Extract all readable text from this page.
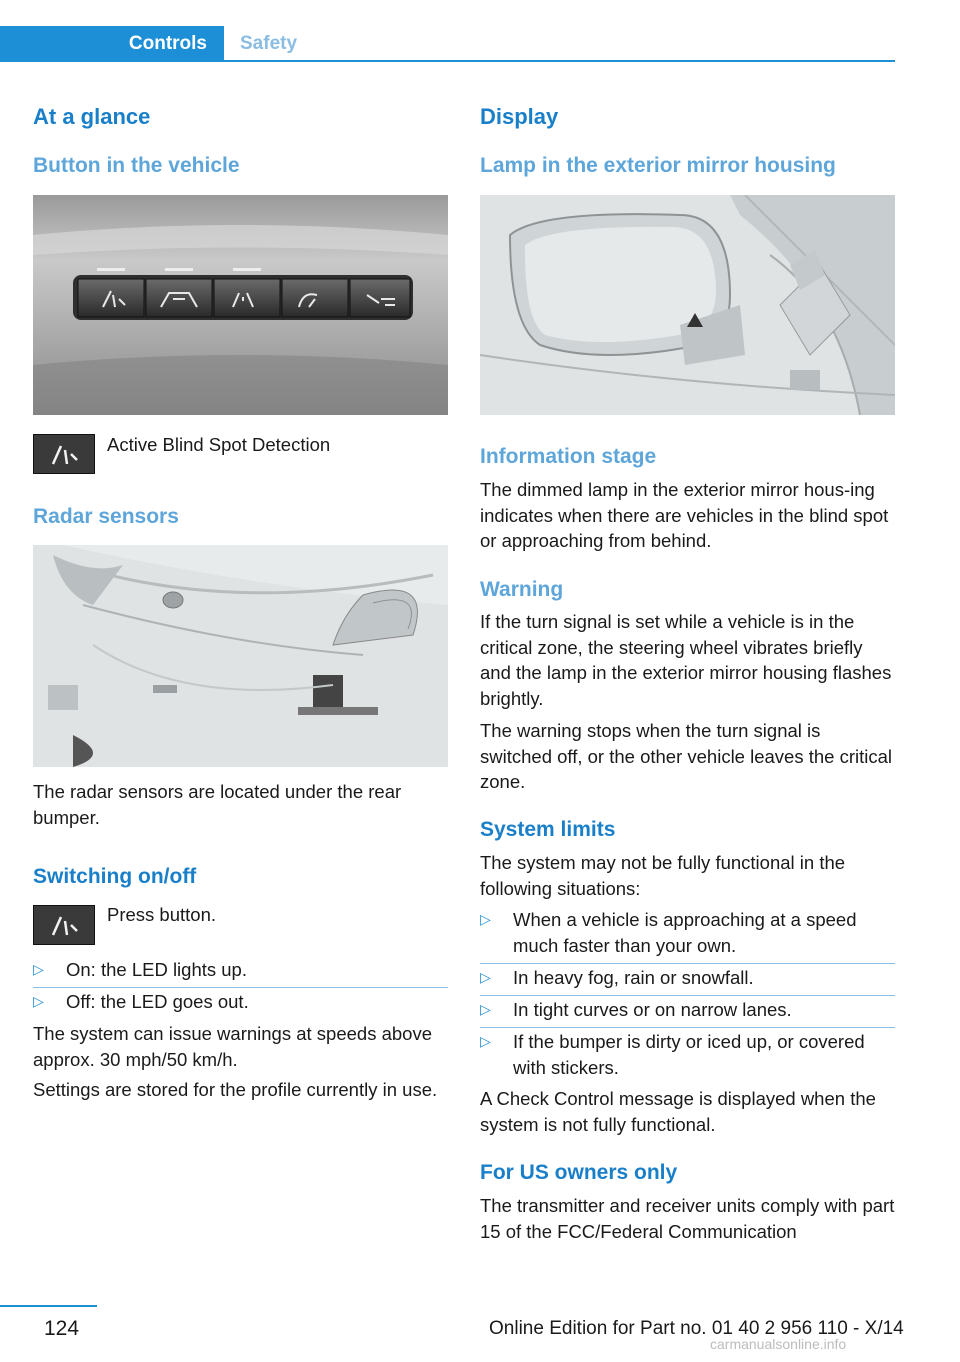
Controls Safety
At a glance
Button in the vehicle

Active Blind Spot Detection

Radar sensors

The radar sensors are located under the rear bumper.

Switching on/off

Press button.

▷ On: the LED lights up.
▷ Off: the LED goes out.

The system can issue warnings at speeds above approx. 30 mph/50 km/h.

Settings are stored for the profile currently in use.

Display
Lamp in the exterior mirror housing
Information stage

The dimmed lamp in the exterior mirror hous‐ing indicates when there are vehicles in the blind spot or approaching from behind.

Warning

If the turn signal is set while a vehicle is in the critical zone, the steering wheel vibrates briefly and the lamp in the exterior mirror housing flashes brightly.

The warning stops when the turn signal is switched off, or the other vehicle leaves the critical zone.

System limits

The system may not be fully functional in the following situations:

▷ When a vehicle is approaching at a speed much faster than your own.
▷ In heavy fog, rain or snowfall.
▷ In tight curves or on narrow lanes.
▷ If the bumper is dirty or iced up, or covered with stickers.

A Check Control message is displayed when the system is not fully functional.

For US owners only

The transmitter and receiver units comply with part 15 of the FCC/Federal Communication

124	Online Edition for Part no. 01 40 2 956 110 - X/14
carmanualsonline.info
